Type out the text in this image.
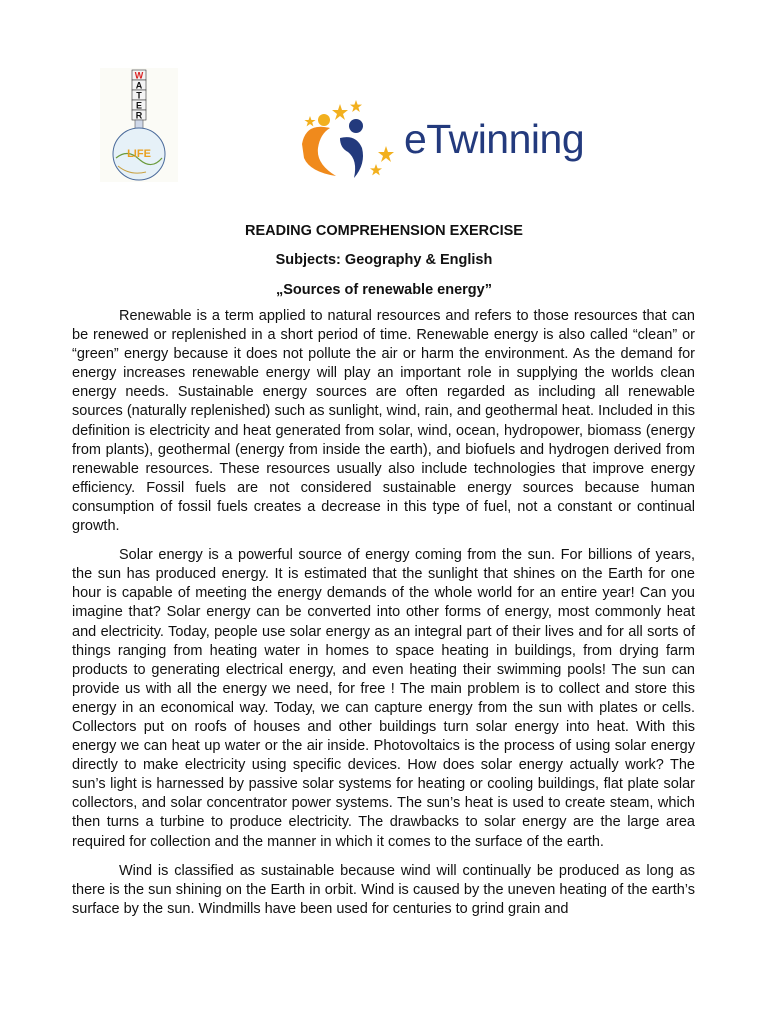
W
A
T
E
R
LIFE	eTwinning
READING COMPREHENSION EXERCISE
Subjects: Geography & English
„Sources of renewable energy”

Renewable is a term applied to natural resources and refers to those resources that can be renewed or replenished in a short period of time. Renewable energy is also called “clean” or “green” energy because it does not pollute the air or harm the environment. As the demand for energy increases renewable energy will play an important role in supplying the worlds clean energy needs. Sustainable energy sources are often regarded as including all renewable sources (naturally replenished) such as sunlight, wind, rain, and geothermal heat. Included in this definition is electricity and heat generated from solar, wind, ocean, hydropower, biomass (energy from plants), geothermal (energy from inside the earth), and biofuels and hydrogen derived from renewable resources. These resources usually also include technologies that improve energy efficiency. Fossil fuels are not considered sustainable energy sources because human consumption of fossil fuels creates a decrease in this type of fuel, not a constant or continual growth.

Solar energy is a powerful source of energy coming from the sun. For billions of years, the sun has produced energy. It is estimated that the sunlight that shines on the Earth for one hour is capable of meeting the energy demands of the whole world for an entire year! Can you imagine that? Solar energy can be converted into other forms of energy, most commonly heat and electricity. Today, people use solar energy as an integral part of their lives and for all sorts of things ranging from heating water in homes to space heating in buildings, from drying farm products to generating electrical energy, and even heating their swimming pools! The sun can provide us with all the energy we need, for free ! The main problem is to collect and store this energy in an economical way. Today, we can capture energy from the sun with plates or cells. Collectors put on roofs of houses and other buildings turn solar energy into heat. With this energy we can heat up water or the air inside. Photovoltaics is the process of using solar energy directly to make electricity using specific devices. How does solar energy actually work? The sun’s light is harnessed by passive solar systems for heating or cooling buildings, flat plate solar collectors, and solar concentrator power systems. The sun’s heat is used to create steam, which then turns a turbine to produce electricity. The drawbacks to solar energy are the large area required for collection and the manner in which it comes to the surface of the earth.

Wind is classified as sustainable because wind will continually be produced as long as there is the sun shining on the Earth in orbit. Wind is caused by the uneven heating of the earth’s surface by the sun. Windmills have been used for centuries to grind grain and
